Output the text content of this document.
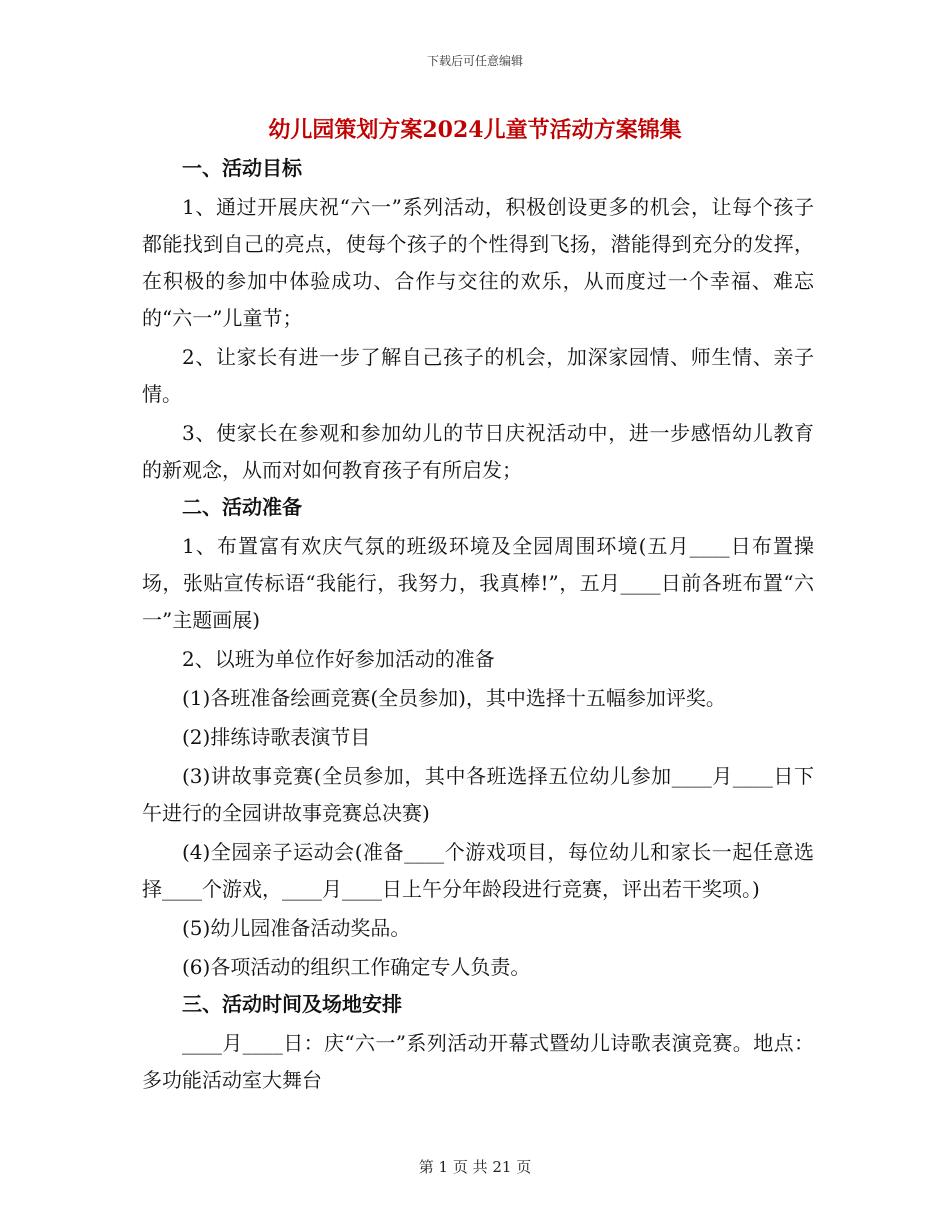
下载后可任意编辑
幼儿园策划方案2024儿童节活动方案锦集

一、活动目标

1、通过开展庆祝“六一”系列活动，积极创设更多的机会，让每个孩子都能找到自己的亮点，使每个孩子的个性得到飞扬，潜能得到充分的发挥，在积极的参加中体验成功、合作与交往的欢乐，从而度过一个幸福、难忘的“六一”儿童节；

2、让家长有进一步了解自己孩子的机会，加深家园情、师生情、亲子情。

3、使家长在参观和参加幼儿的节日庆祝活动中，进一步感悟幼儿教育的新观念，从而对如何教育孩子有所启发；

二、活动准备

1、布置富有欢庆气氛的班级环境及全园周围环境(五月____日布置操场，张贴宣传标语“我能行，我努力，我真棒!”，五月____日前各班布置“六一”主题画展)

2、以班为单位作好参加活动的准备

(1)各班准备绘画竞赛(全员参加)，其中选择十五幅参加评奖。

(2)排练诗歌表演节目

(3)讲故事竞赛(全员参加，其中各班选择五位幼儿参加____月____日下午进行的全园讲故事竞赛总决赛)

(4)全园亲子运动会(准备____个游戏项目，每位幼儿和家长一起任意选择____个游戏，____月____日上午分年龄段进行竞赛，评出若干奖项。)

(5)幼儿园准备活动奖品。

(6)各项活动的组织工作确定专人负责。

三、活动时间及场地安排

____月____日：庆“六一”系列活动开幕式暨幼儿诗歌表演竞赛。地点：多功能活动室大舞台

第 1 页 共 21 页
